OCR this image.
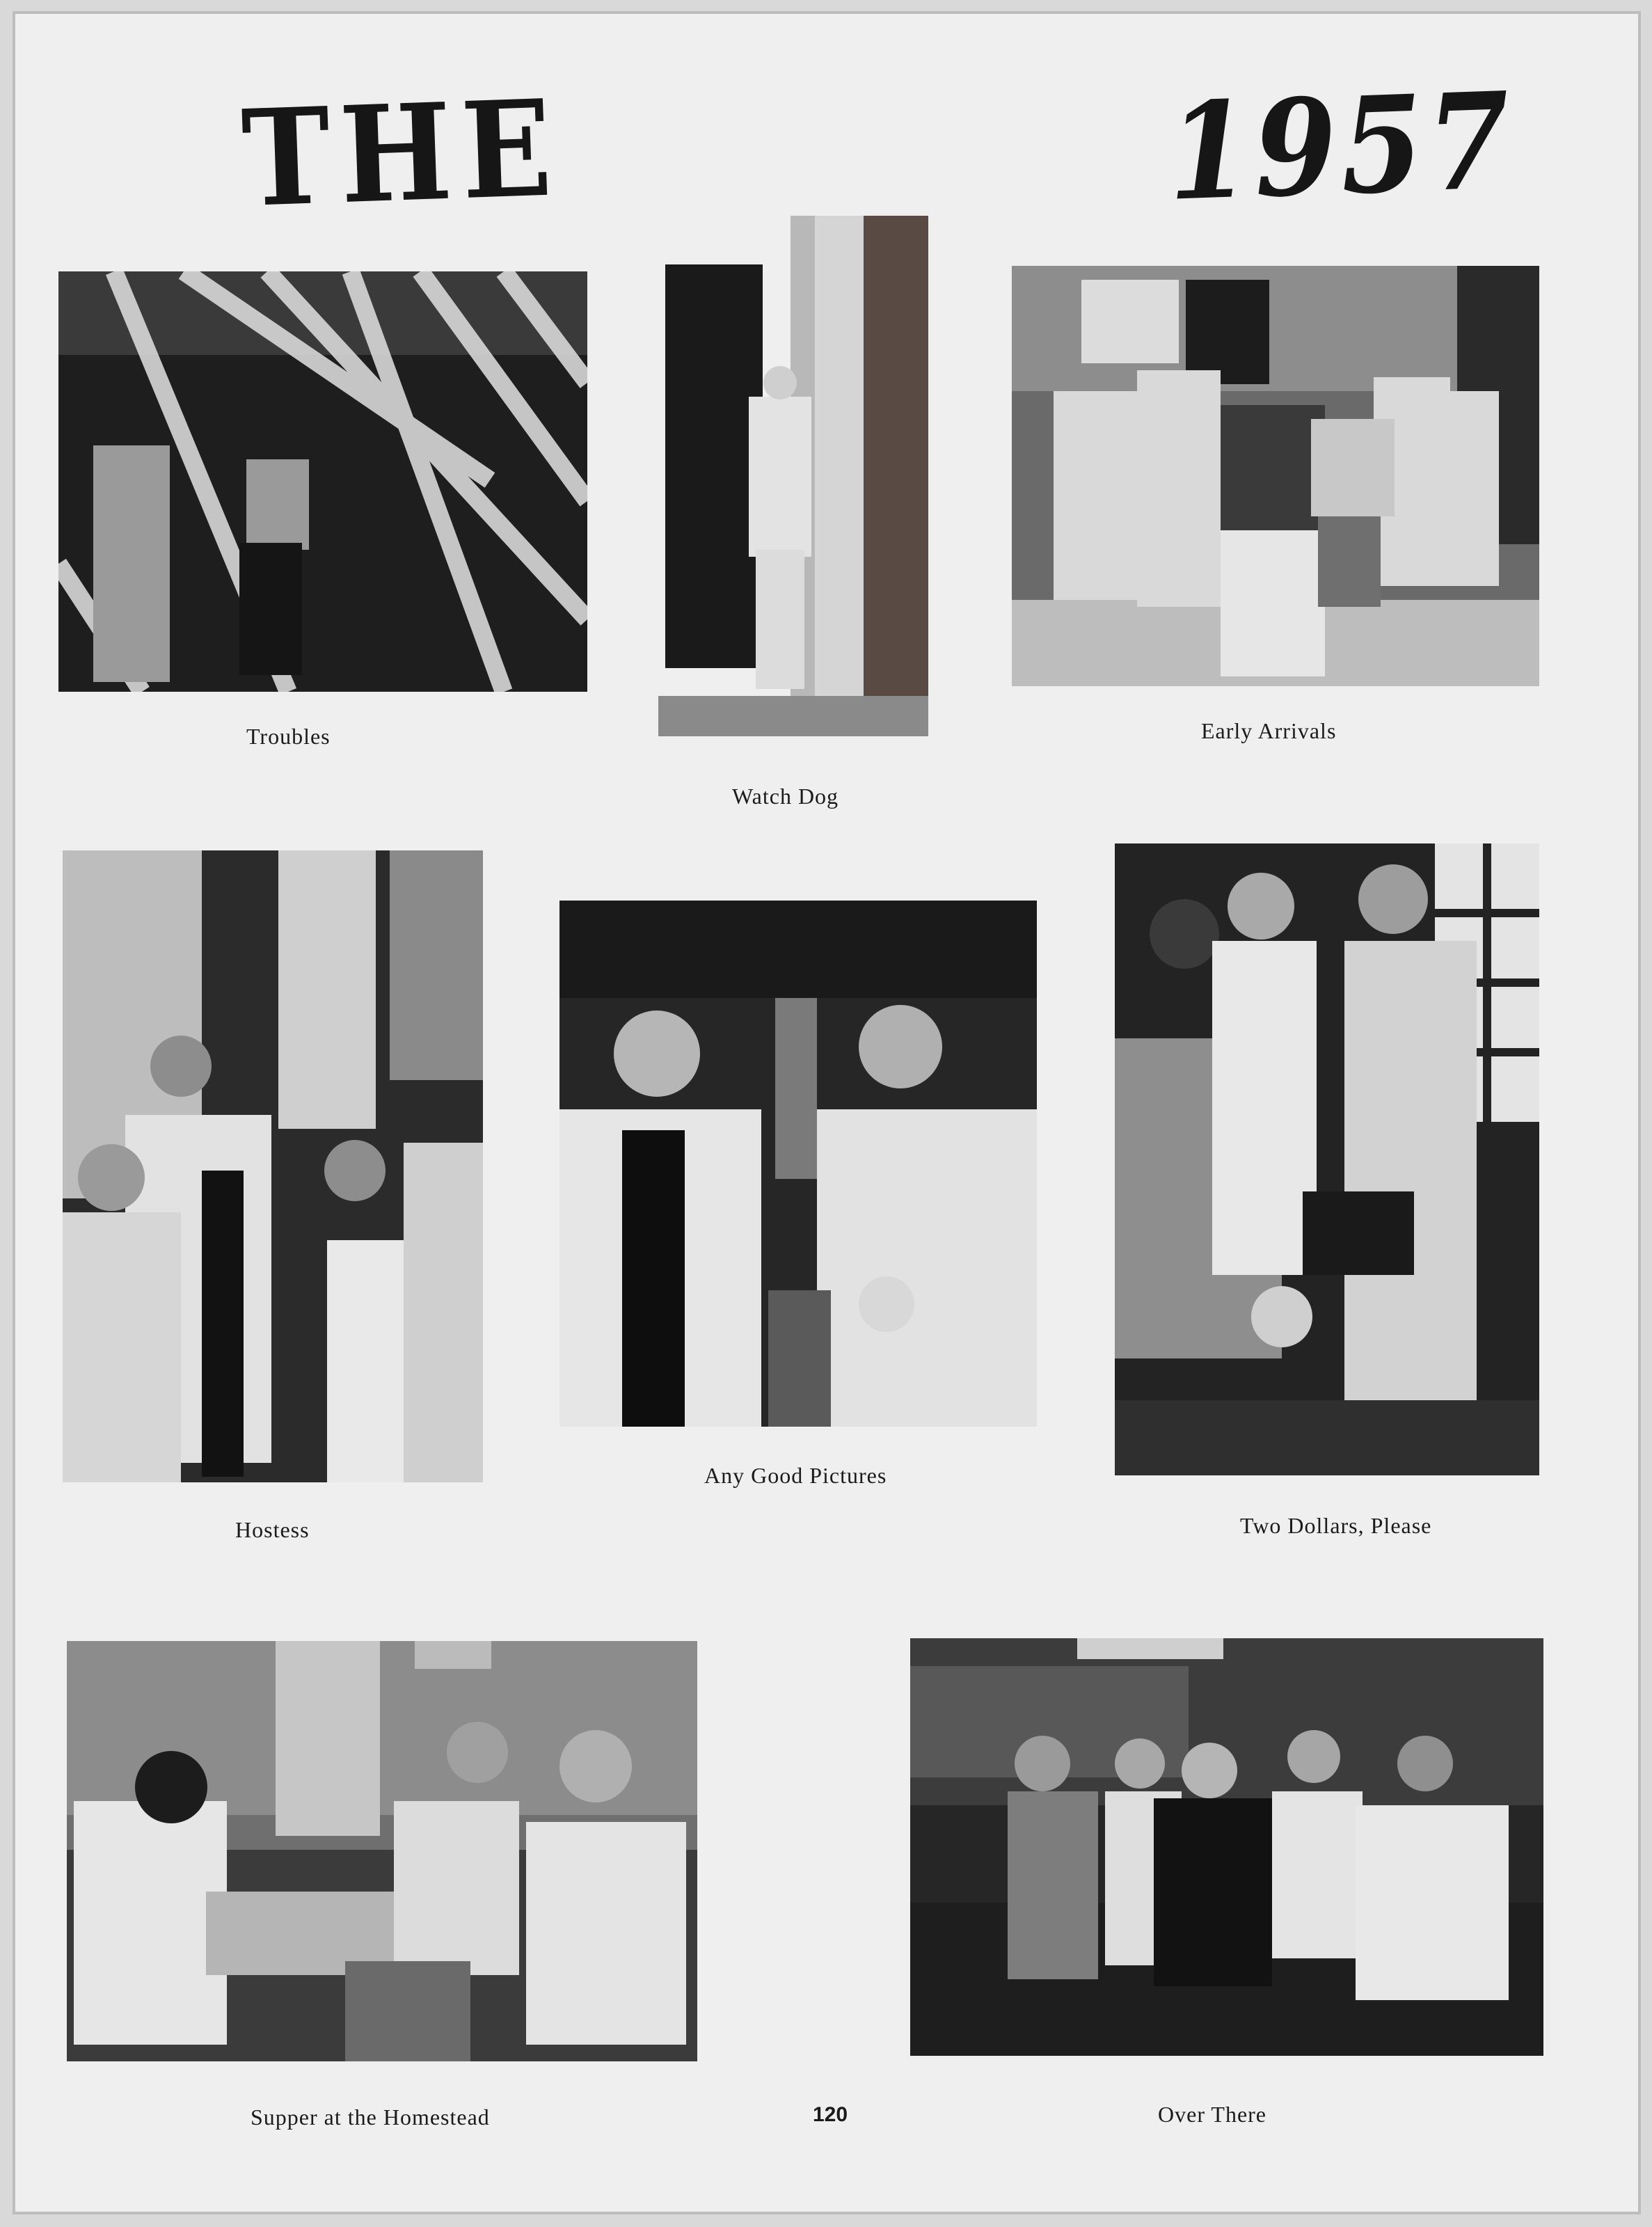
THE	1957
Troubles
Watch Dog
Early Arrivals
Hostess
Any Good Pictures
Two Dollars, Please
Supper at the Homestead	Over There
120
